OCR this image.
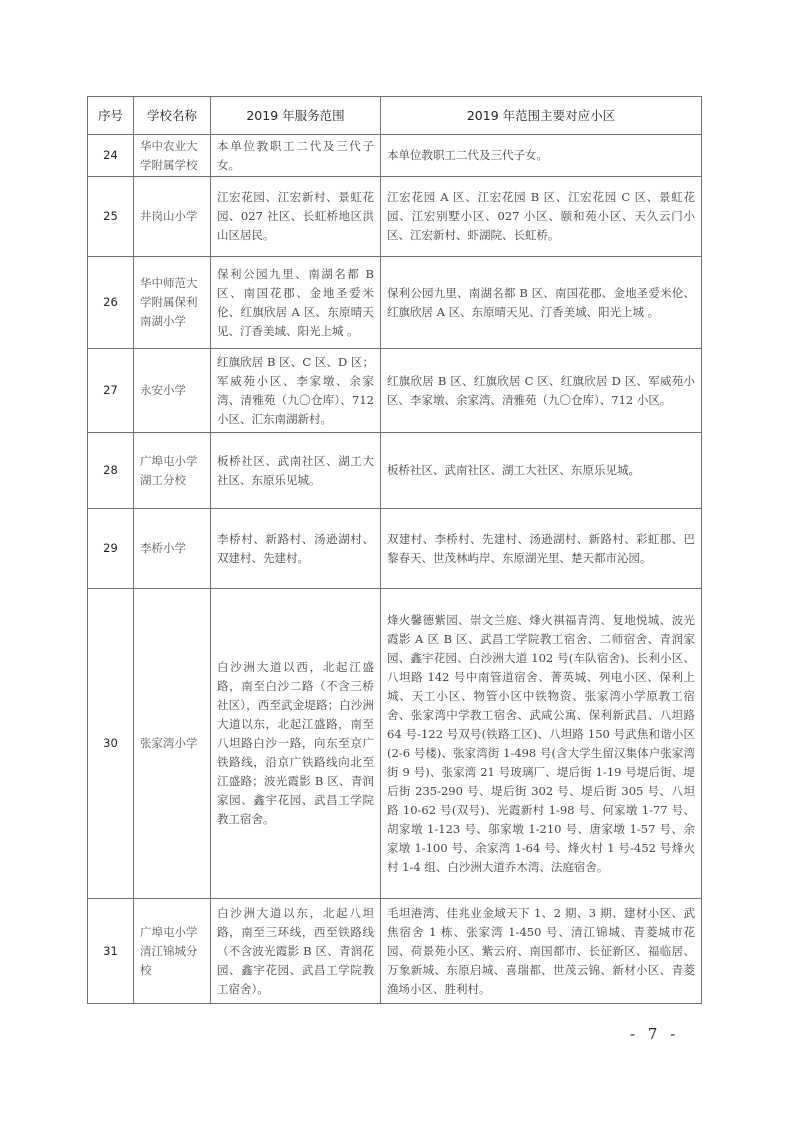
序号	学校名称	2019 年服务范围	2019 年范围主要对应小区
24	华中农业大学附属学校	本单位教职工二代及三代子女。	本单位教职工二代及三代子女。
25	井岗山小学	江宏花园、江宏新村、景虹花园、027 社区、长虹桥地区洪山区居民。	江宏花园 A 区、江宏花园 B 区、江宏花园 C 区、景虹花园、江宏别墅小区、027 小区、颐和苑小区、天久云门小区、江宏新村、虾湖院、长虹桥。
26	华中师范大学附属保利南湖小学	保利公园九里、南湖名都 B 区、南国花郡、金地圣爱米伦、红旗欣居 A 区、东原晴天见、汀香美域、阳光上城 。	保利公园九里、南湖名都 B 区、南国花郡、金地圣爱米伦、红旗欣居 A 区、东原晴天见、汀香美域、阳光上城 。
27	永安小学	红旗欣居 B 区、C 区、D 区；军威苑小区、李家墩、余家湾、清雅苑（九〇仓库）、712 小区、汇东南湖新村。	红旗欣居 B 区、红旗欣居 C 区、红旗欣居 D 区、军威苑小区、李家墩、余家湾、清雅苑（九〇仓库）、712 小区。
28	广埠屯小学湖工分校	板桥社区、武南社区、湖工大社区、东原乐见城。	板桥社区、武南社区、湖工大社区、东原乐见城。
29	李桥小学	李桥村、新路村、汤逊湖村、双建村、先建村。	双建村、李桥村、先建村、汤逊湖村、新路村、彩虹郡、巴黎春天、世茂林屿岸、东原湖光里、楚天都市沁园。
30	张家湾小学	白沙洲大道以西，北起江盛路，南至白沙二路（不含三桥社区），西至武金堤路；白沙洲大道以东，北起江盛路，南至八坦路白沙一路，向东至京广铁路线，沿京广铁路线向北至江盛路；波光霞影 B 区、青润家园、鑫宇花园、武昌工学院教工宿舍。	烽火馨德紫园、崇文兰庭、烽火祺福青湾、复地悦城、波光霞影 A 区 B 区、武昌工学院教工宿舍、二师宿舍、青润家园、鑫宇花园、白沙洲大道 102 号(车队宿舍)、长利小区、八坦路 142 号中南管道宿舍、菁英城、列电小区、保利上城、天工小区、物管小区中铁物资、张家湾小学原教工宿舍、张家湾中学教工宿舍、武咸公寓、保利新武昌、八坦路 64 号-122 号双号(铁路工区)、八坦路 150 号武焦和谐小区(2-6 号楼)、张家湾街 1-498 号(含大学生留汉集体户张家湾街 9 号)、张家湾 21 号玻璃厂、堤后街 1-19 号堤后街、堤后街 235-290 号、堤后街 302 号、堤后街 305 号、八坦路 10-62 号(双号)、光霞新村 1-98 号、何家墩 1-77 号、胡家墩 1-123 号、邬家墩 1-210 号、唐家墩 1-57 号、余家墩 1-100 号、余家湾 1-64 号、烽火村 1 号-452 号烽火村 1-4 组、白沙洲大道乔木湾、法庭宿舍。
31	广埠屯小学清江锦城分校	白沙洲大道以东，北起八坦路，南至三环线，西至铁路线（不含波光霞影 B 区、青润花园、鑫宇花园、武昌工学院教工宿舍）。	毛坦港湾、佳兆业金域天下 1、2 期、3 期、建材小区、武焦宿舍 1 栋、张家湾 1-450 号、清江锦城、青菱城市花园、荷景苑小区、紫云府、南国都市、长征新区、福临居、万象新城、东原启城、喜瑞都、世茂云锦、新材小区、青菱渔场小区、胜利村。
- 7 -
